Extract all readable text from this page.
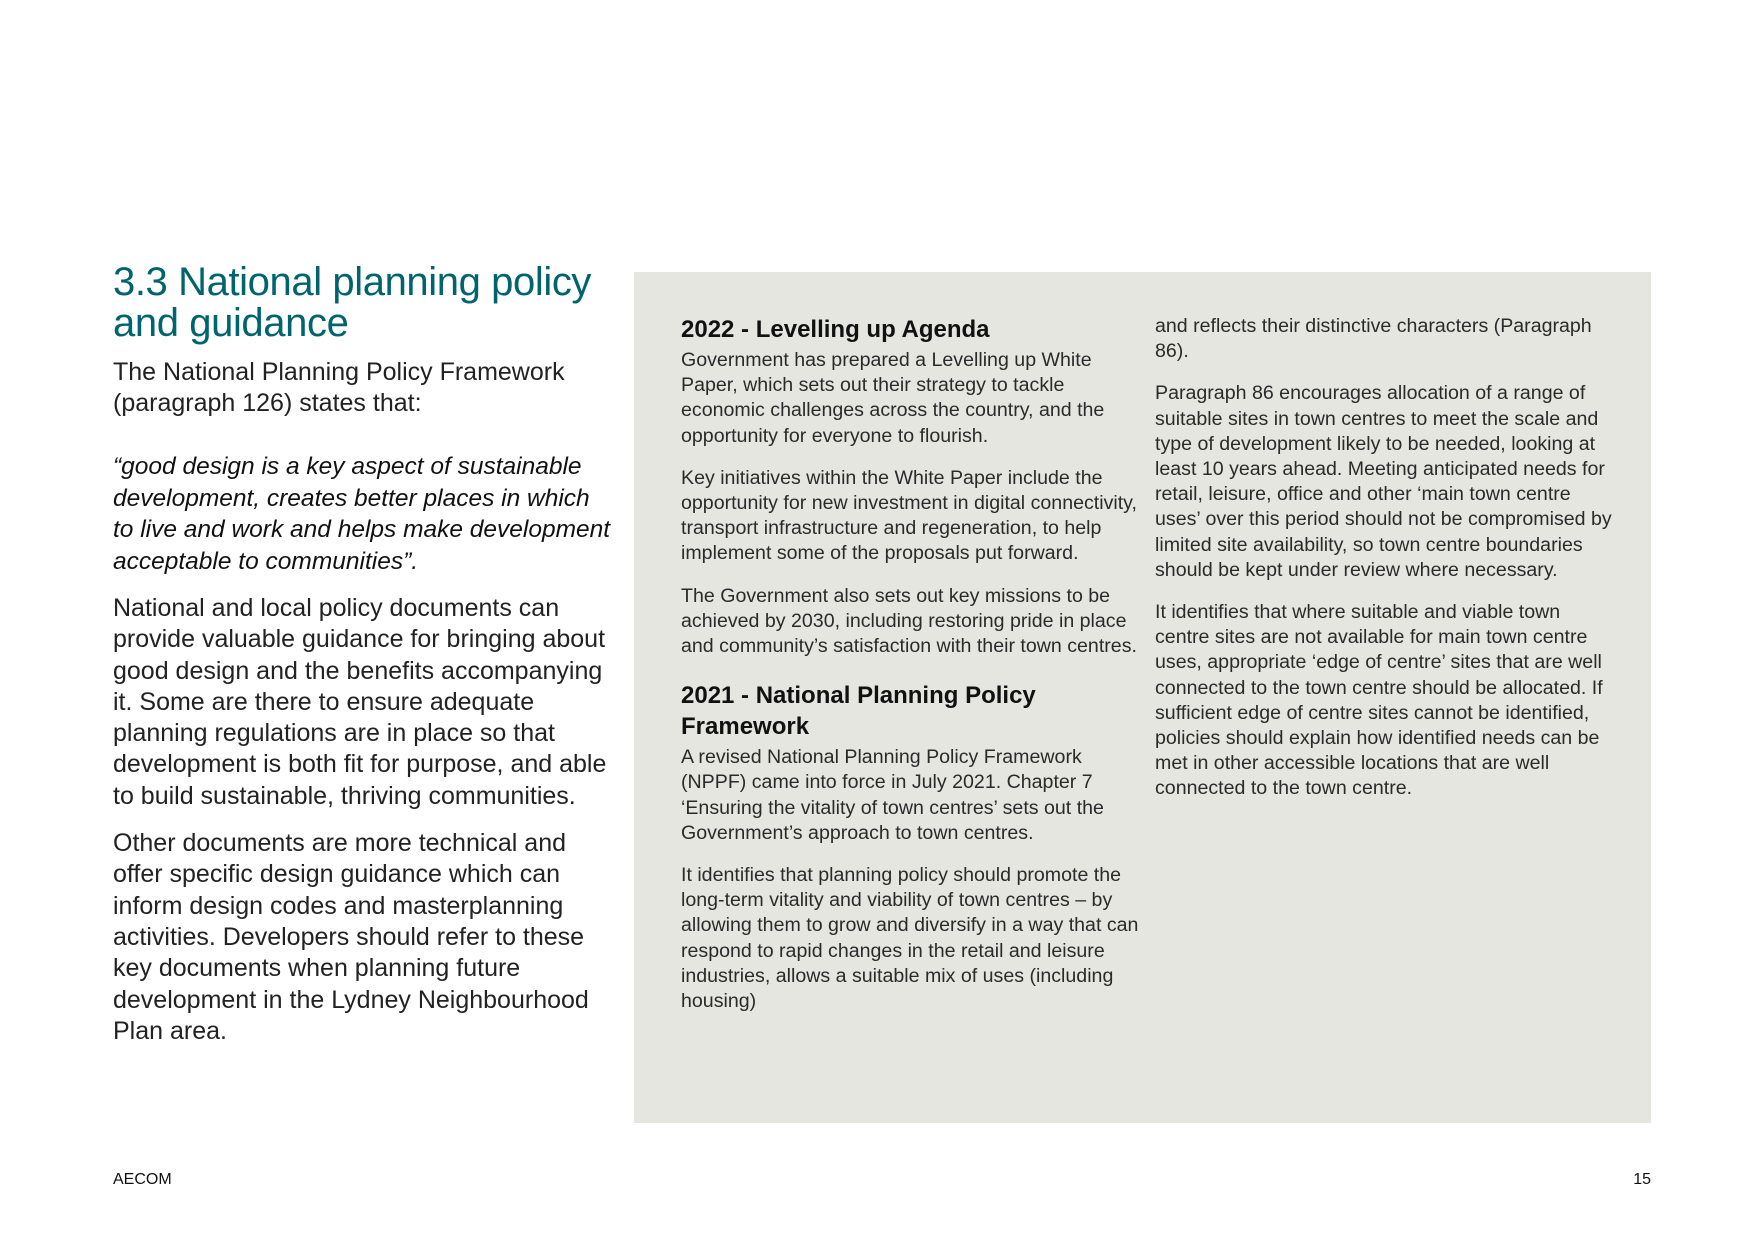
3.3 National planning policy and guidance

The National Planning Policy Framework (paragraph 126) states that:

“good design is a key aspect of sustainable development, creates better places in which to live and work and helps make development acceptable to communities”.

National and local policy documents can provide valuable guidance for bringing about good design and the benefits accompanying it. Some are there to ensure adequate planning regulations are in place so that development is both fit for purpose, and able to build sustainable, thriving communities.

Other documents are more technical and offer specific design guidance which can inform design codes and masterplanning activities. Developers should refer to these key documents when planning future development in the Lydney Neighbourhood Plan area.

2022 - Levelling up Agenda

Government has prepared a Levelling up White Paper, which sets out their strategy to tackle economic challenges across the country, and the opportunity for everyone to flourish.

Key initiatives within the White Paper include the opportunity for new investment in digital connectivity, transport infrastructure and regeneration, to help implement some of the proposals put forward.

The Government also sets out key missions to be achieved by 2030, including restoring pride in place and community’s satisfaction with their town centres.

2021 - National Planning Policy Framework

A revised National Planning Policy Framework (NPPF) came into force in July 2021. Chapter 7 ‘Ensuring the vitality of town centres’ sets out the Government’s approach to town centres.

It identifies that planning policy should promote the long-term vitality and viability of town centres – by allowing them to grow and diversify in a way that can respond to rapid changes in the retail and leisure industries, allows a suitable mix of uses (including housing)

and reflects their distinctive characters (Paragraph 86).

Paragraph 86 encourages allocation of a range of suitable sites in town centres to meet the scale and type of development likely to be needed, looking at least 10 years ahead. Meeting anticipated needs for retail, leisure, office and other ‘main town centre uses’ over this period should not be compromised by limited site availability, so town centre boundaries should be kept under review where necessary.

It identifies that where suitable and viable town centre sites are not available for main town centre uses, appropriate ‘edge of centre’ sites that are well connected to the town centre should be allocated. If sufficient edge of centre sites cannot be identified, policies should explain how identified needs can be met in other accessible locations that are well connected to the town centre.

AECOM	15
